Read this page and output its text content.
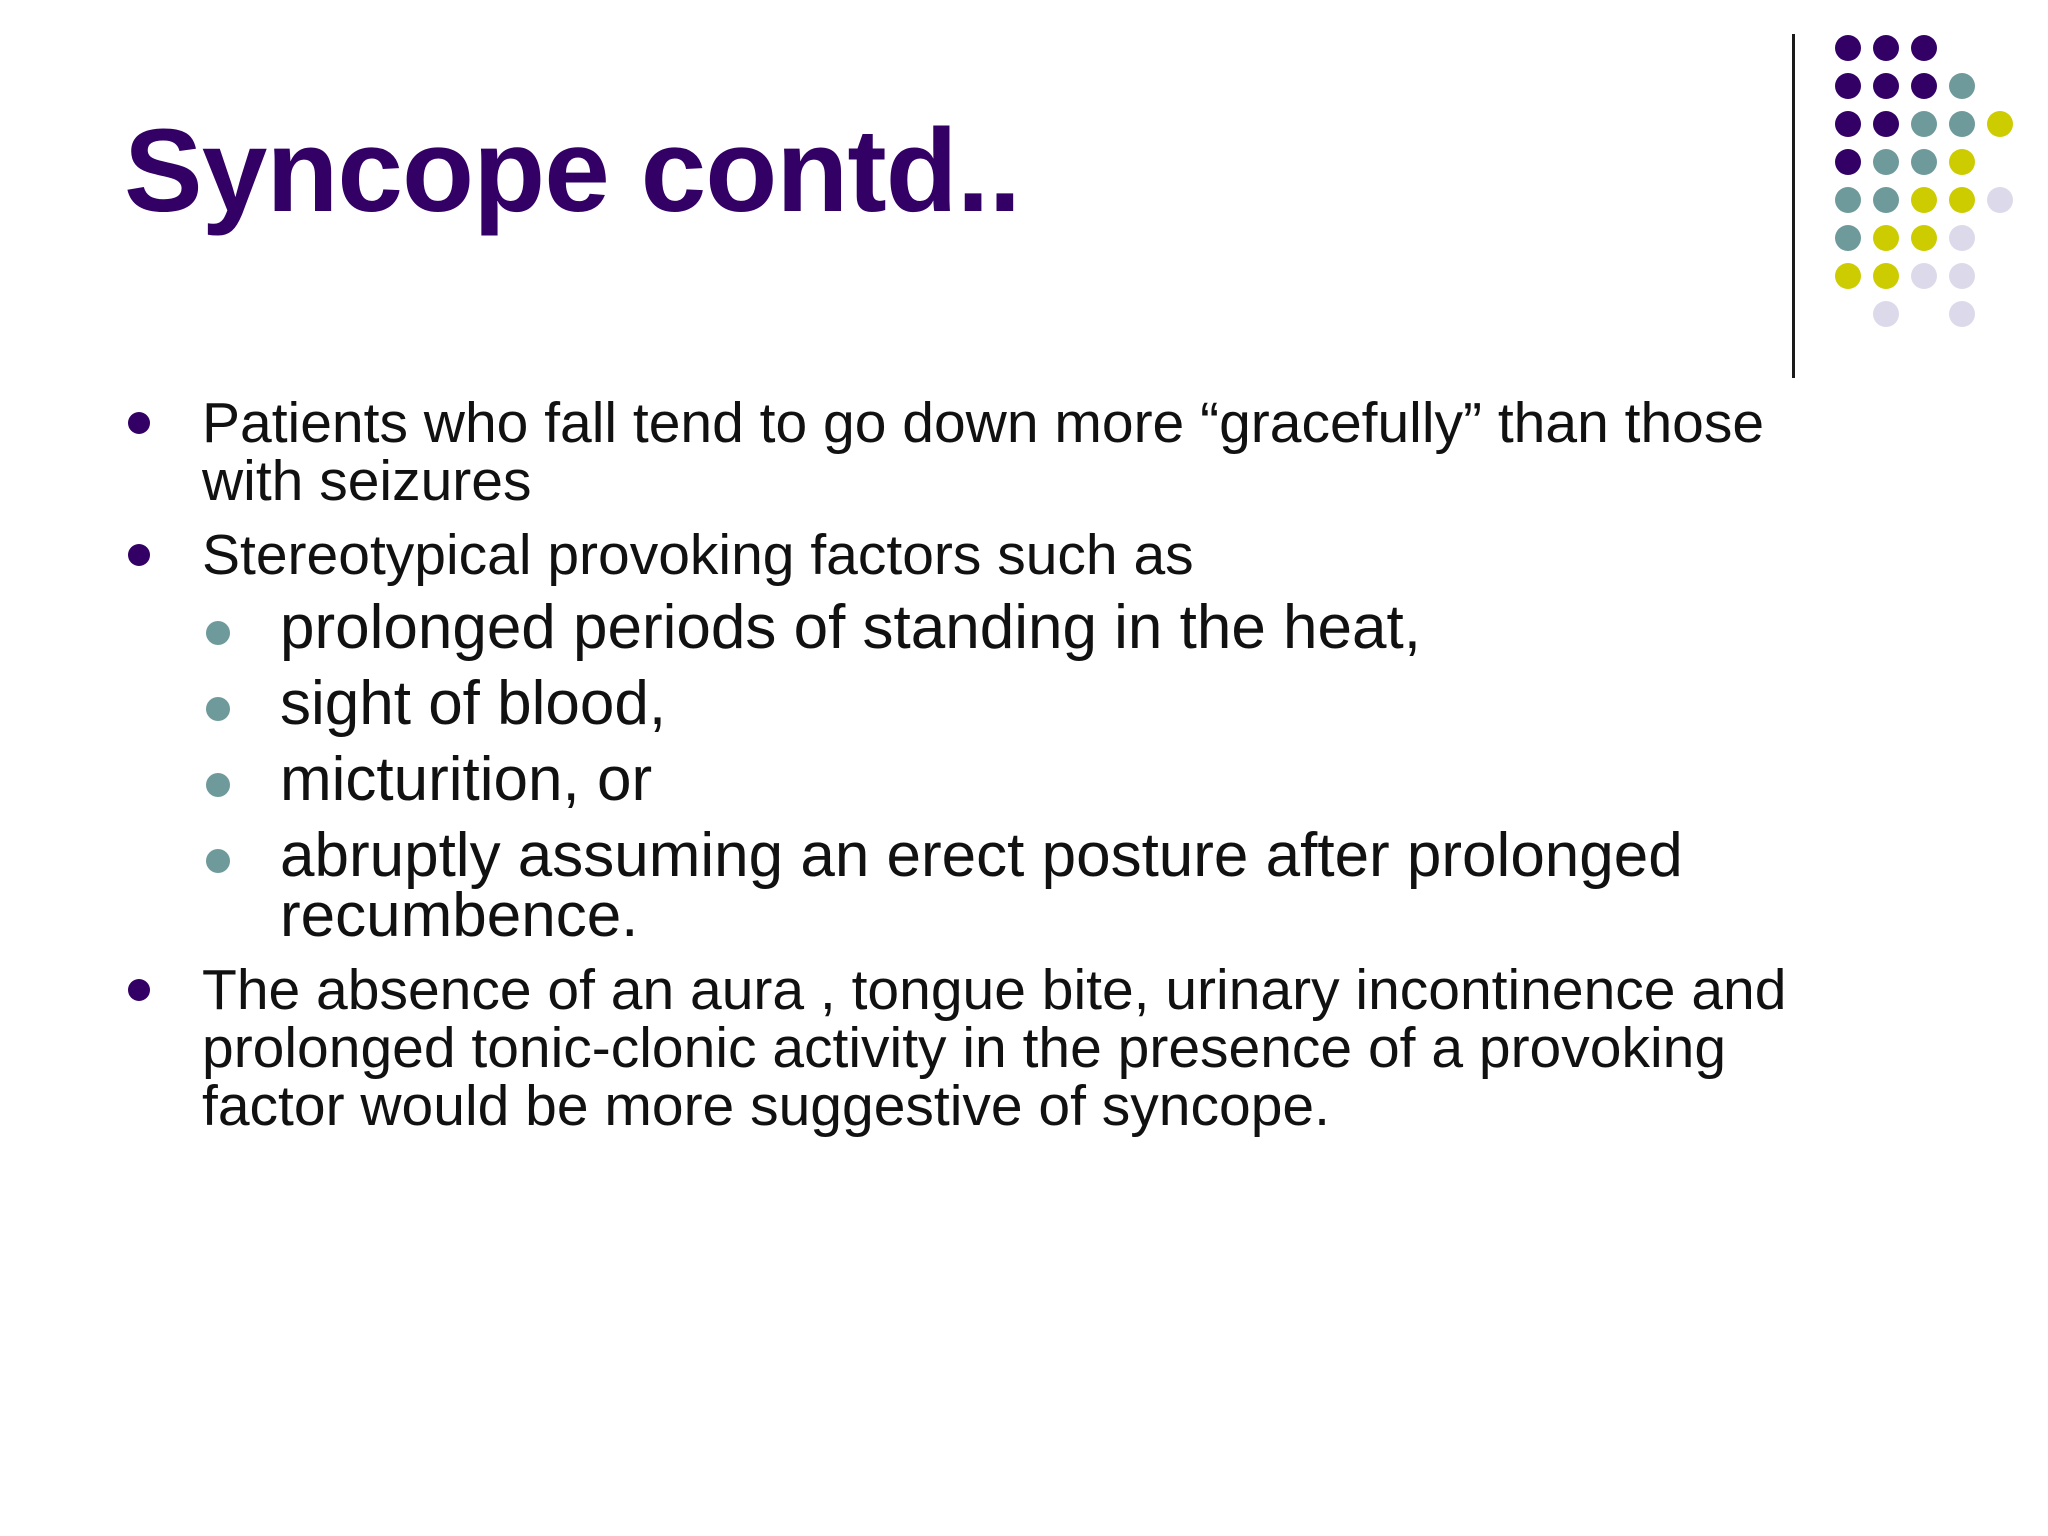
Syncope contd..
Patients who fall tend to go down more “gracefully” than those
with seizures
Stereotypical provoking factors such as
prolonged periods of standing in the heat,
sight of blood,
micturition, or
abruptly assuming an erect posture after prolonged
recumbence.
The absence of an aura , tongue bite, urinary incontinence and
prolonged tonic-clonic activity in the presence of a provoking
factor would be more suggestive of syncope.
